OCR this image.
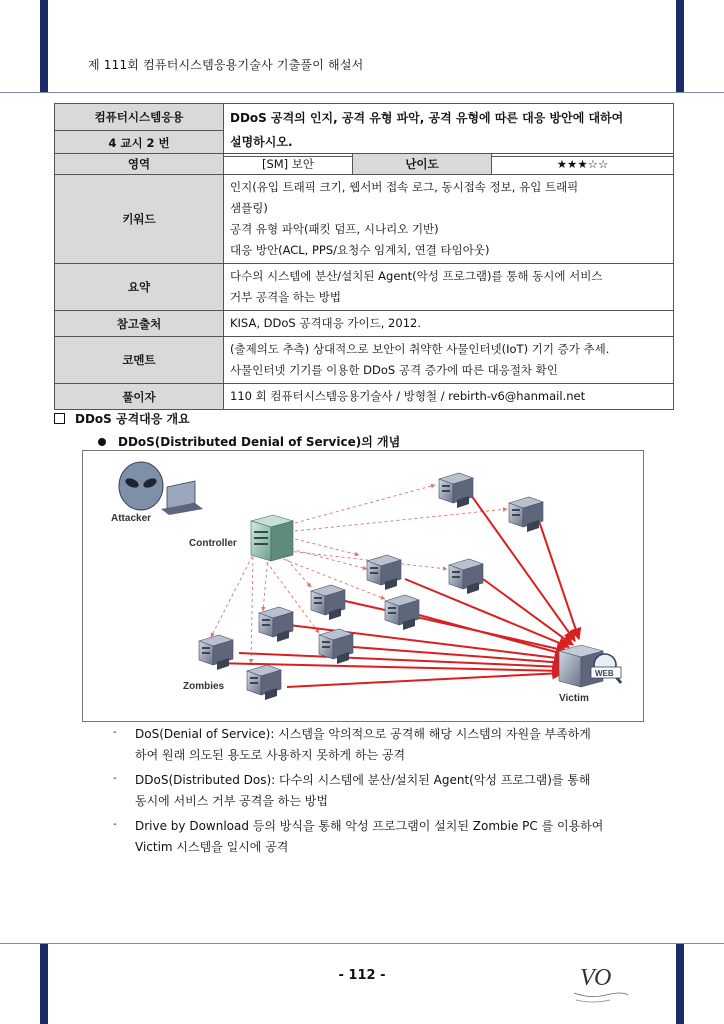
제 111회 컴퓨터시스템응용기술사 기출풀이 해설서
컴퓨터시스템응용	DDoS 공격의 인지, 공격 유형 파악, 공격 유형에 따른 대응 방안에 대하여
설명하시오.
4 교시 2 번
영역	[SM] 보안	난이도	★★★☆☆
키워드	인지(유입 트래픽 크기, 웹서버 접속 로그, 동시접속 정보, 유입 트래픽
샘플링)
공격 유형 파악(패킷 덤프, 시나리오 기반)
대응 방안(ACL, PPS/요청수 임계치, 연결 타임아웃)		
요약	다수의 시스템에 분산/설치된 Agent(악성 프로그램)를 통해 동시에 서비스
거부 공격을 하는 방법		
참고출처	KISA, DDoS 공격대응 가이드, 2012.		
코멘트	(출제의도 추측) 상대적으로 보안이 취약한 사물인터넷(IoT) 기기 증가 추세.
사물인터넷 기기를 이용한 DDoS 공격 증가에 따른 대응절차 확인		
풀이자	110 회 컴퓨터시스템응용기술사 / 방형철 / rebirth-v6@hanmail.net		
DDoS 공격대응 개요
DDoS(Distributed Denial of Service)의 개념
Attacker
Controller
Zombies
WEB
Victim
- DoS(Denial of Service): 시스템을 악의적으로 공격해 해당 시스템의 자원을 부족하게
하여 원래 의도된 용도로 사용하지 못하게 하는 공격
- DDoS(Distributed Dos): 다수의 시스템에 분산/설치된 Agent(악성 프로그램)를 통해
동시에 서비스 거부 공격을 하는 방법
- Drive by Download 등의 방식을 통해 악성 프로그램이 설치된 Zombie PC 를 이용하여
Victim 시스템을 일시에 공격
- 112 -	VO
